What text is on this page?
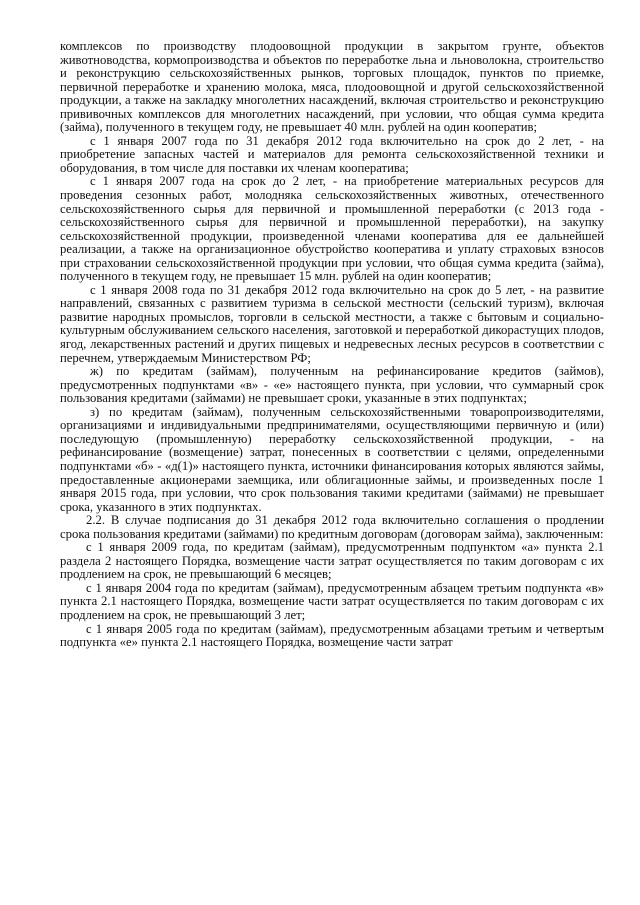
комплексов по производству плодоовощной продукции в закрытом грунте, объектов животноводства, кормопроизводства и объектов по переработке льна и льноволокна, строительство и реконструкцию сельскохозяйственных рынков, торговых площадок, пунктов по приемке, первичной переработке и хранению молока, мяса, плодоовощной и другой сельскохозяйственной продукции, а также на закладку многолетних насаждений, включая строительство и реконструкцию прививочных комплексов для многолетних насаждений, при условии, что общая сумма кредита (займа), полученного в текущем году, не превышает 40 млн. рублей на один кооператив;

с 1 января 2007 года по 31 декабря 2012 года включительно на срок до 2 лет, - на приобретение запасных частей и материалов для ремонта сельскохозяйственной техники и оборудования, в том числе для поставки их членам кооператива;

с 1 января 2007 года на срок до 2 лет, - на приобретение материальных ресурсов для проведения сезонных работ, молодняка сельскохозяйственных животных, отечественного сельскохозяйственного сырья для первичной и промышленной переработки (с 2013 года - сельскохозяйственного сырья для первичной и промышленной переработки), на закупку сельскохозяйственной продукции, произведенной членами кооператива для ее дальнейшей реализации, а также на организационное обустройство кооператива и уплату страховых взносов при страховании сельскохозяйственной продукции при условии, что общая сумма кредита (займа), полученного в текущем году, не превышает 15 млн. рублей на один кооператив;

с 1 января 2008 года по 31 декабря 2012 года включительно на срок до 5 лет, - на развитие направлений, связанных с развитием туризма в сельской местности (сельский туризм), включая развитие народных промыслов, торговли в сельской местности, а также с бытовым и социально-культурным обслуживанием сельского населения, заготовкой и переработкой дикорастущих плодов, ягод, лекарственных растений и других пищевых и недревесных лесных ресурсов в соответствии с перечнем, утверждаемым Министерством РФ;

ж) по кредитам (займам), полученным на рефинансирование кредитов (займов), предусмотренных подпунктами «в» - «е» настоящего пункта, при условии, что суммарный срок пользования кредитами (займами) не превышает сроки, указанные в этих подпунктах;

з) по кредитам (займам), полученным сельскохозяйственными товаропроизводителями, организациями и индивидуальными предпринимателями, осуществляющими первичную и (или) последующую (промышленную) переработку сельскохозяйственной продукции, - на рефинансирование (возмещение) затрат, понесенных в соответствии с целями, определенными подпунктами «б» - «д(1)» настоящего пункта, источники финансирования которых являются займы, предоставленные акционерами заемщика, или облигационные займы, и произведенных после 1 января 2015 года, при условии, что срок пользования такими кредитами (займами) не превышает срока, указанного в этих подпунктах.

2.2. В случае подписания до 31 декабря 2012 года включительно соглашения о продлении срока пользования кредитами (займами) по кредитным договорам (договорам займа), заключенным:

с 1 января 2009 года, по кредитам (займам), предусмотренным подпунктом «а» пункта 2.1 раздела 2 настоящего Порядка, возмещение части затрат осуществляется по таким договорам с их продлением на срок, не превышающий 6 месяцев;

с 1 января 2004 года по кредитам (займам), предусмотренным абзацем третьим подпункта «в» пункта 2.1 настоящего Порядка, возмещение части затрат осуществляется по таким договорам с их продлением на срок, не превышающий 3 лет;

с 1 января 2005 года по кредитам (займам), предусмотренным абзацами третьим и четвертым подпункта «е» пункта 2.1 настоящего Порядка, возмещение части затрат
